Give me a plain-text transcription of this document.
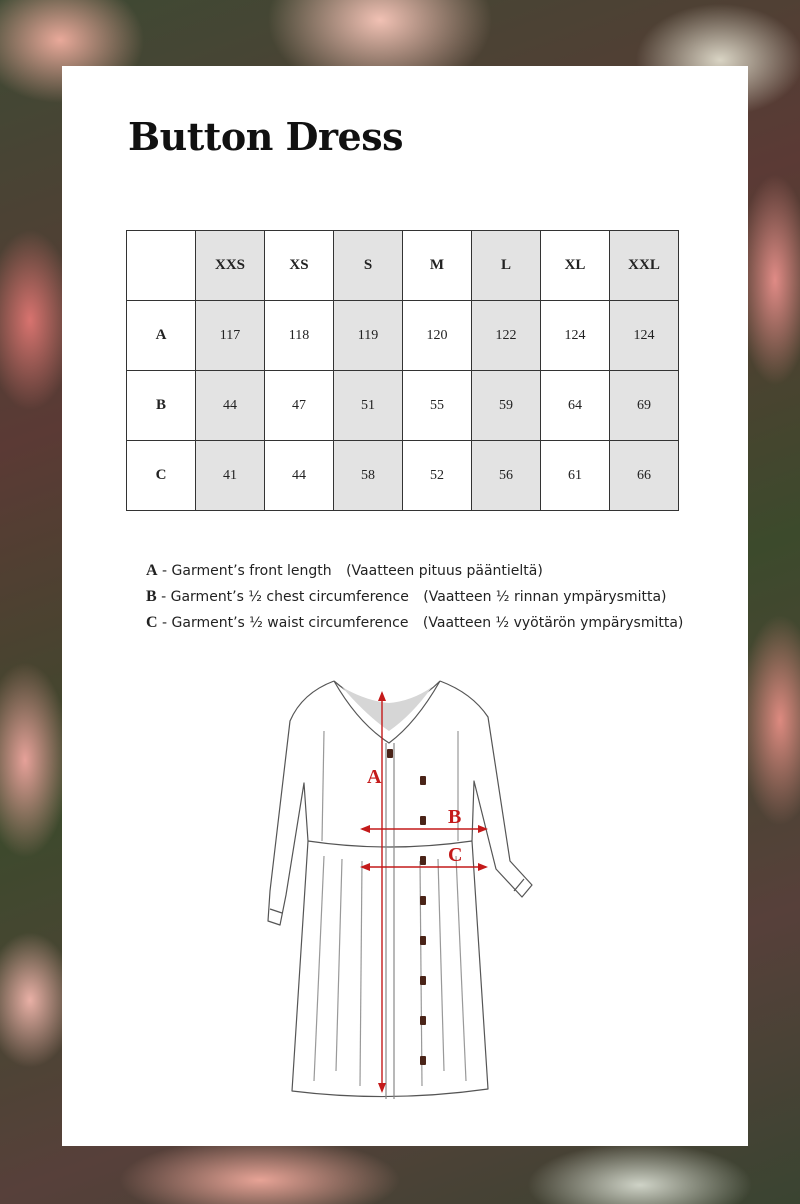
Button Dress
	XXS	XS	S	M	L	XL	XXL
A	117	118	119	120	122	124	124
B	44	47	51	55	59	64	69
C	41	44	58	52	56	61	66
A - Garment’s front length (Vaatteen pituus pääntieltä)
B - Garment’s ½ chest circumference (Vaatteen ½ rinnan ympärysmitta)
C - Garment’s ½ waist circumference (Vaatteen ½ vyötärön ympärysmitta)
A
B
C
